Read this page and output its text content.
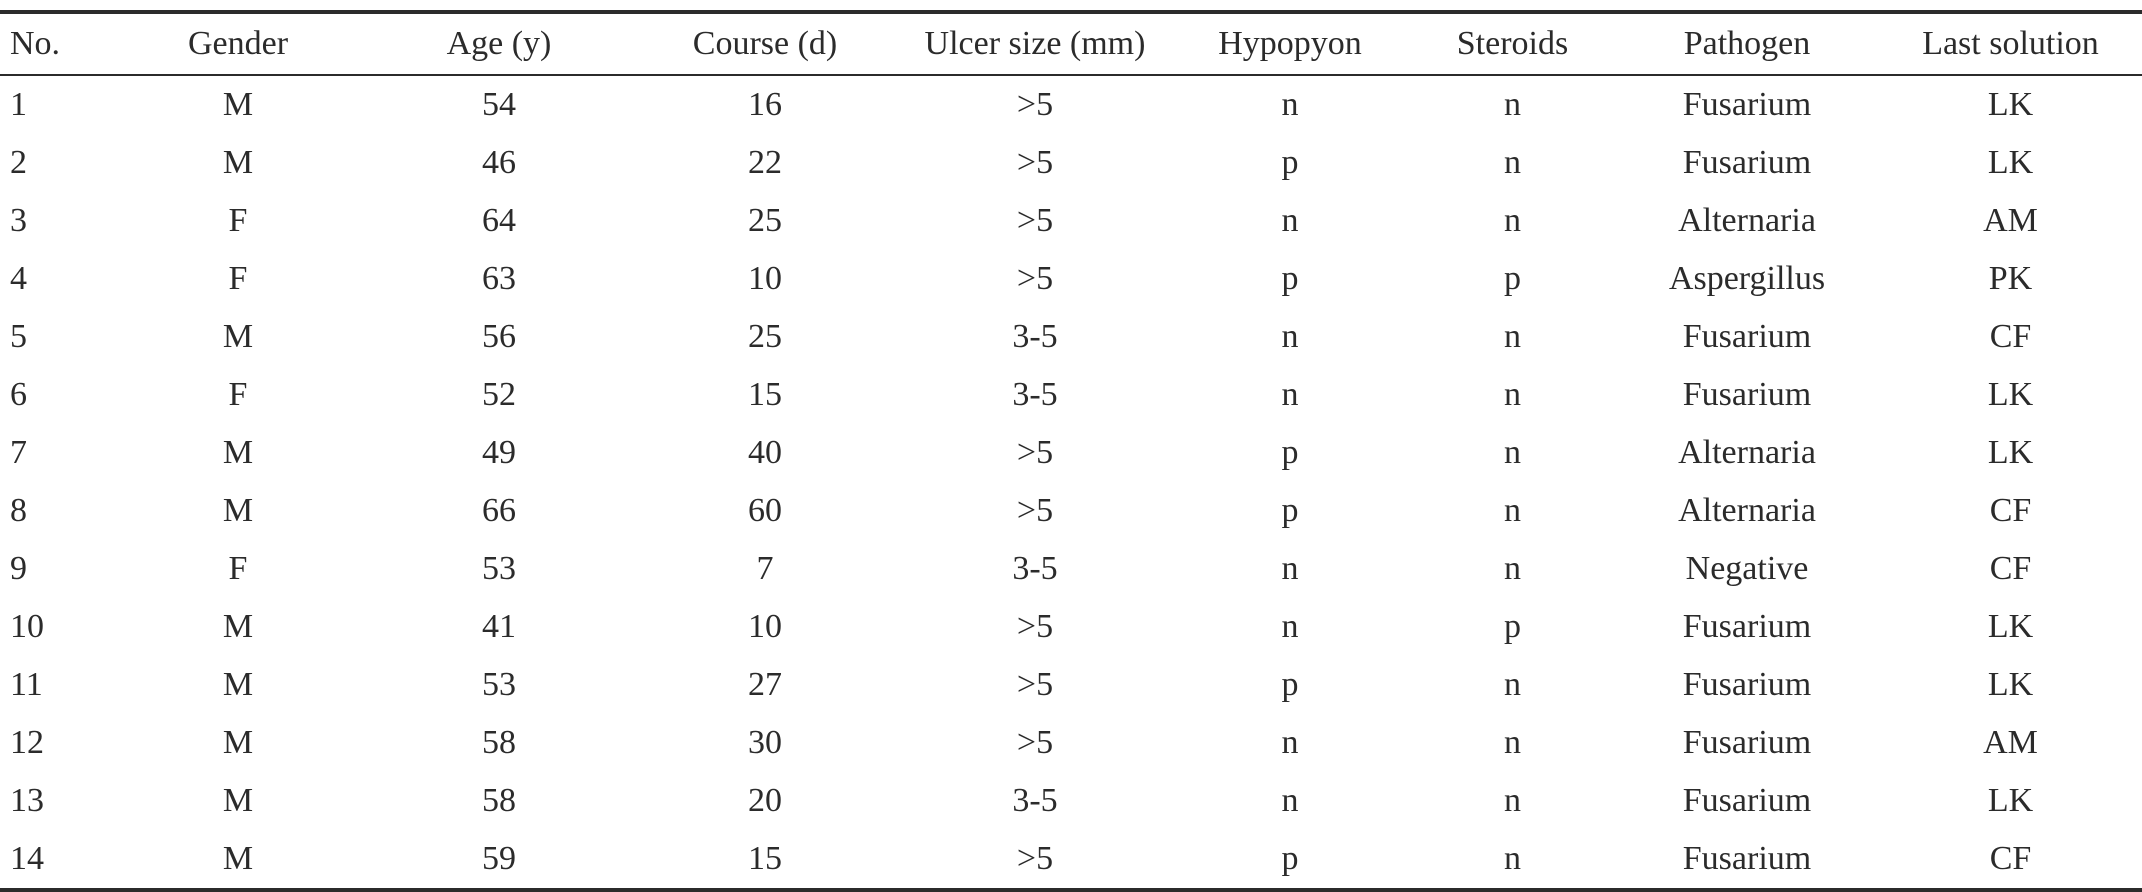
No.	Gender	Age (y)	Course (d)	Ulcer size (mm)	Hypopyon	Steroids	Pathogen	Last solution
1	M	54	16	>5	n	n	Fusarium	LK
2	M	46	22	>5	p	n	Fusarium	LK
3	F	64	25	>5	n	n	Alternaria	AM
4	F	63	10	>5	p	p	Aspergillus	PK
5	M	56	25	3-5	n	n	Fusarium	CF
6	F	52	15	3-5	n	n	Fusarium	LK
7	M	49	40	>5	p	n	Alternaria	LK
8	M	66	60	>5	p	n	Alternaria	CF
9	F	53	7	3-5	n	n	Negative	CF
10	M	41	10	>5	n	p	Fusarium	LK
11	M	53	27	>5	p	n	Fusarium	LK
12	M	58	30	>5	n	n	Fusarium	AM
13	M	58	20	3-5	n	n	Fusarium	LK
14	M	59	15	>5	p	n	Fusarium	CF
